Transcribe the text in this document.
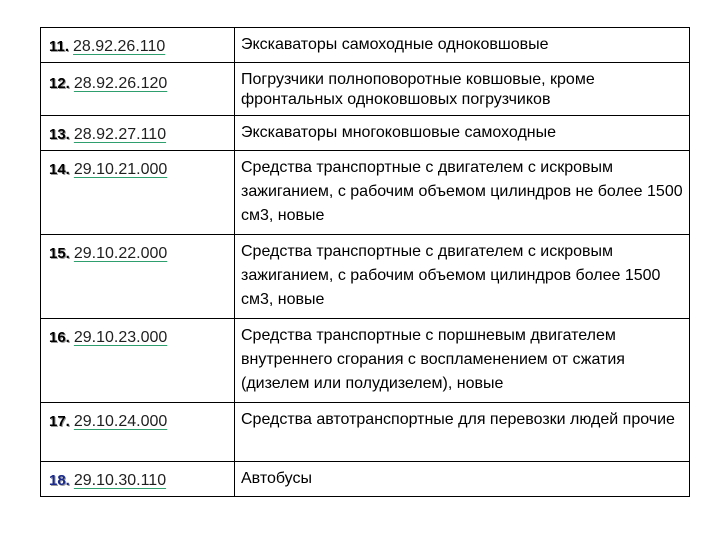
11. 28.92.26.110	Экскаваторы самоходные одноковшовые

12. 28.92.26.120	Погрузчики полноповоротные ковшовые, кроме фронтальных одноковшовых погрузчиков

13. 28.92.27.110	Экскаваторы многоковшовые самоходные

14. 29.10.21.000	Средства транспортные с двигателем с искровым зажиганием, с рабочим объемом цилиндров не более 1500 см3, новые

15. 29.10.22.000	Средства транспортные с двигателем с искровым зажиганием, с рабочим объемом цилиндров более 1500 см3, новые

16. 29.10.23.000	Средства транспортные с поршневым двигателем внутреннего сгорания с воспламенением от сжатия (дизелем или полудизелем), новые

17. 29.10.24.000	Средства автотранспортные для перевозки людей прочие

18. 29.10.30.110	Автобусы
